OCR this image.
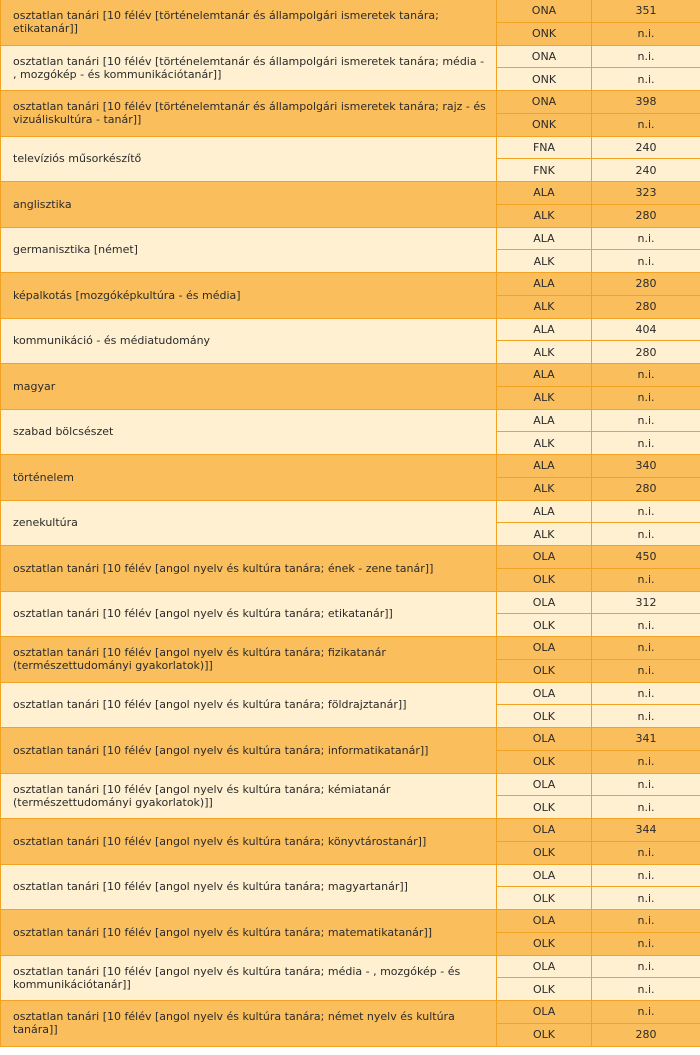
osztatlan tanári [10 félév [történelemtanár és állampolgári ismeretek tanára; etikatanár]]	ONA	351
	ONK	n.i.
osztatlan tanári [10 félév [történelemtanár és állampolgári ismeretek tanára; média - , mozgókép - és kommunikációtanár]]	ONA	n.i.
	ONK	n.i.
osztatlan tanári [10 félév [történelemtanár és állampolgári ismeretek tanára; rajz - és vizuáliskultúra - tanár]]	ONA	398
	ONK	n.i.
televíziós műsorkészítő	FNA	240
	FNK	240
anglisztika	ALA	323
	ALK	280
germanisztika [német]	ALA	n.i.
	ALK	n.i.
képalkotás [mozgóképkultúra - és média]	ALA	280
	ALK	280
kommunikáció - és médiatudomány	ALA	404
	ALK	280
magyar	ALA	n.i.
	ALK	n.i.
szabad bölcsészet	ALA	n.i.
	ALK	n.i.
történelem	ALA	340
	ALK	280
zenekultúra	ALA	n.i.
	ALK	n.i.
osztatlan tanári [10 félév [angol nyelv és kultúra tanára; ének - zene tanár]]	OLA	450
	OLK	n.i.
osztatlan tanári [10 félév [angol nyelv és kultúra tanára; etikatanár]]	OLA	312
	OLK	n.i.
osztatlan tanári [10 félév [angol nyelv és kultúra tanára; fizikatanár (természettudományi gyakorlatok)]]	OLA	n.i.
	OLK	n.i.
osztatlan tanári [10 félév [angol nyelv és kultúra tanára; földrajztanár]]	OLA	n.i.
	OLK	n.i.
osztatlan tanári [10 félév [angol nyelv és kultúra tanára; informatikatanár]]	OLA	341
	OLK	n.i.
osztatlan tanári [10 félév [angol nyelv és kultúra tanára; kémiatanár (természettudományi gyakorlatok)]]	OLA	n.i.
	OLK	n.i.
osztatlan tanári [10 félév [angol nyelv és kultúra tanára; könyvtárostanár]]	OLA	344
	OLK	n.i.
osztatlan tanári [10 félév [angol nyelv és kultúra tanára; magyartanár]]	OLA	n.i.
	OLK	n.i.
osztatlan tanári [10 félév [angol nyelv és kultúra tanára; matematikatanár]]	OLA	n.i.
	OLK	n.i.
osztatlan tanári [10 félév [angol nyelv és kultúra tanára; média - , mozgókép - és kommunikációtanár]]	OLA	n.i.
	OLK	n.i.
osztatlan tanári [10 félév [angol nyelv és kultúra tanára; német nyelv és kultúra tanára]]	OLA	n.i.
	OLK	280
